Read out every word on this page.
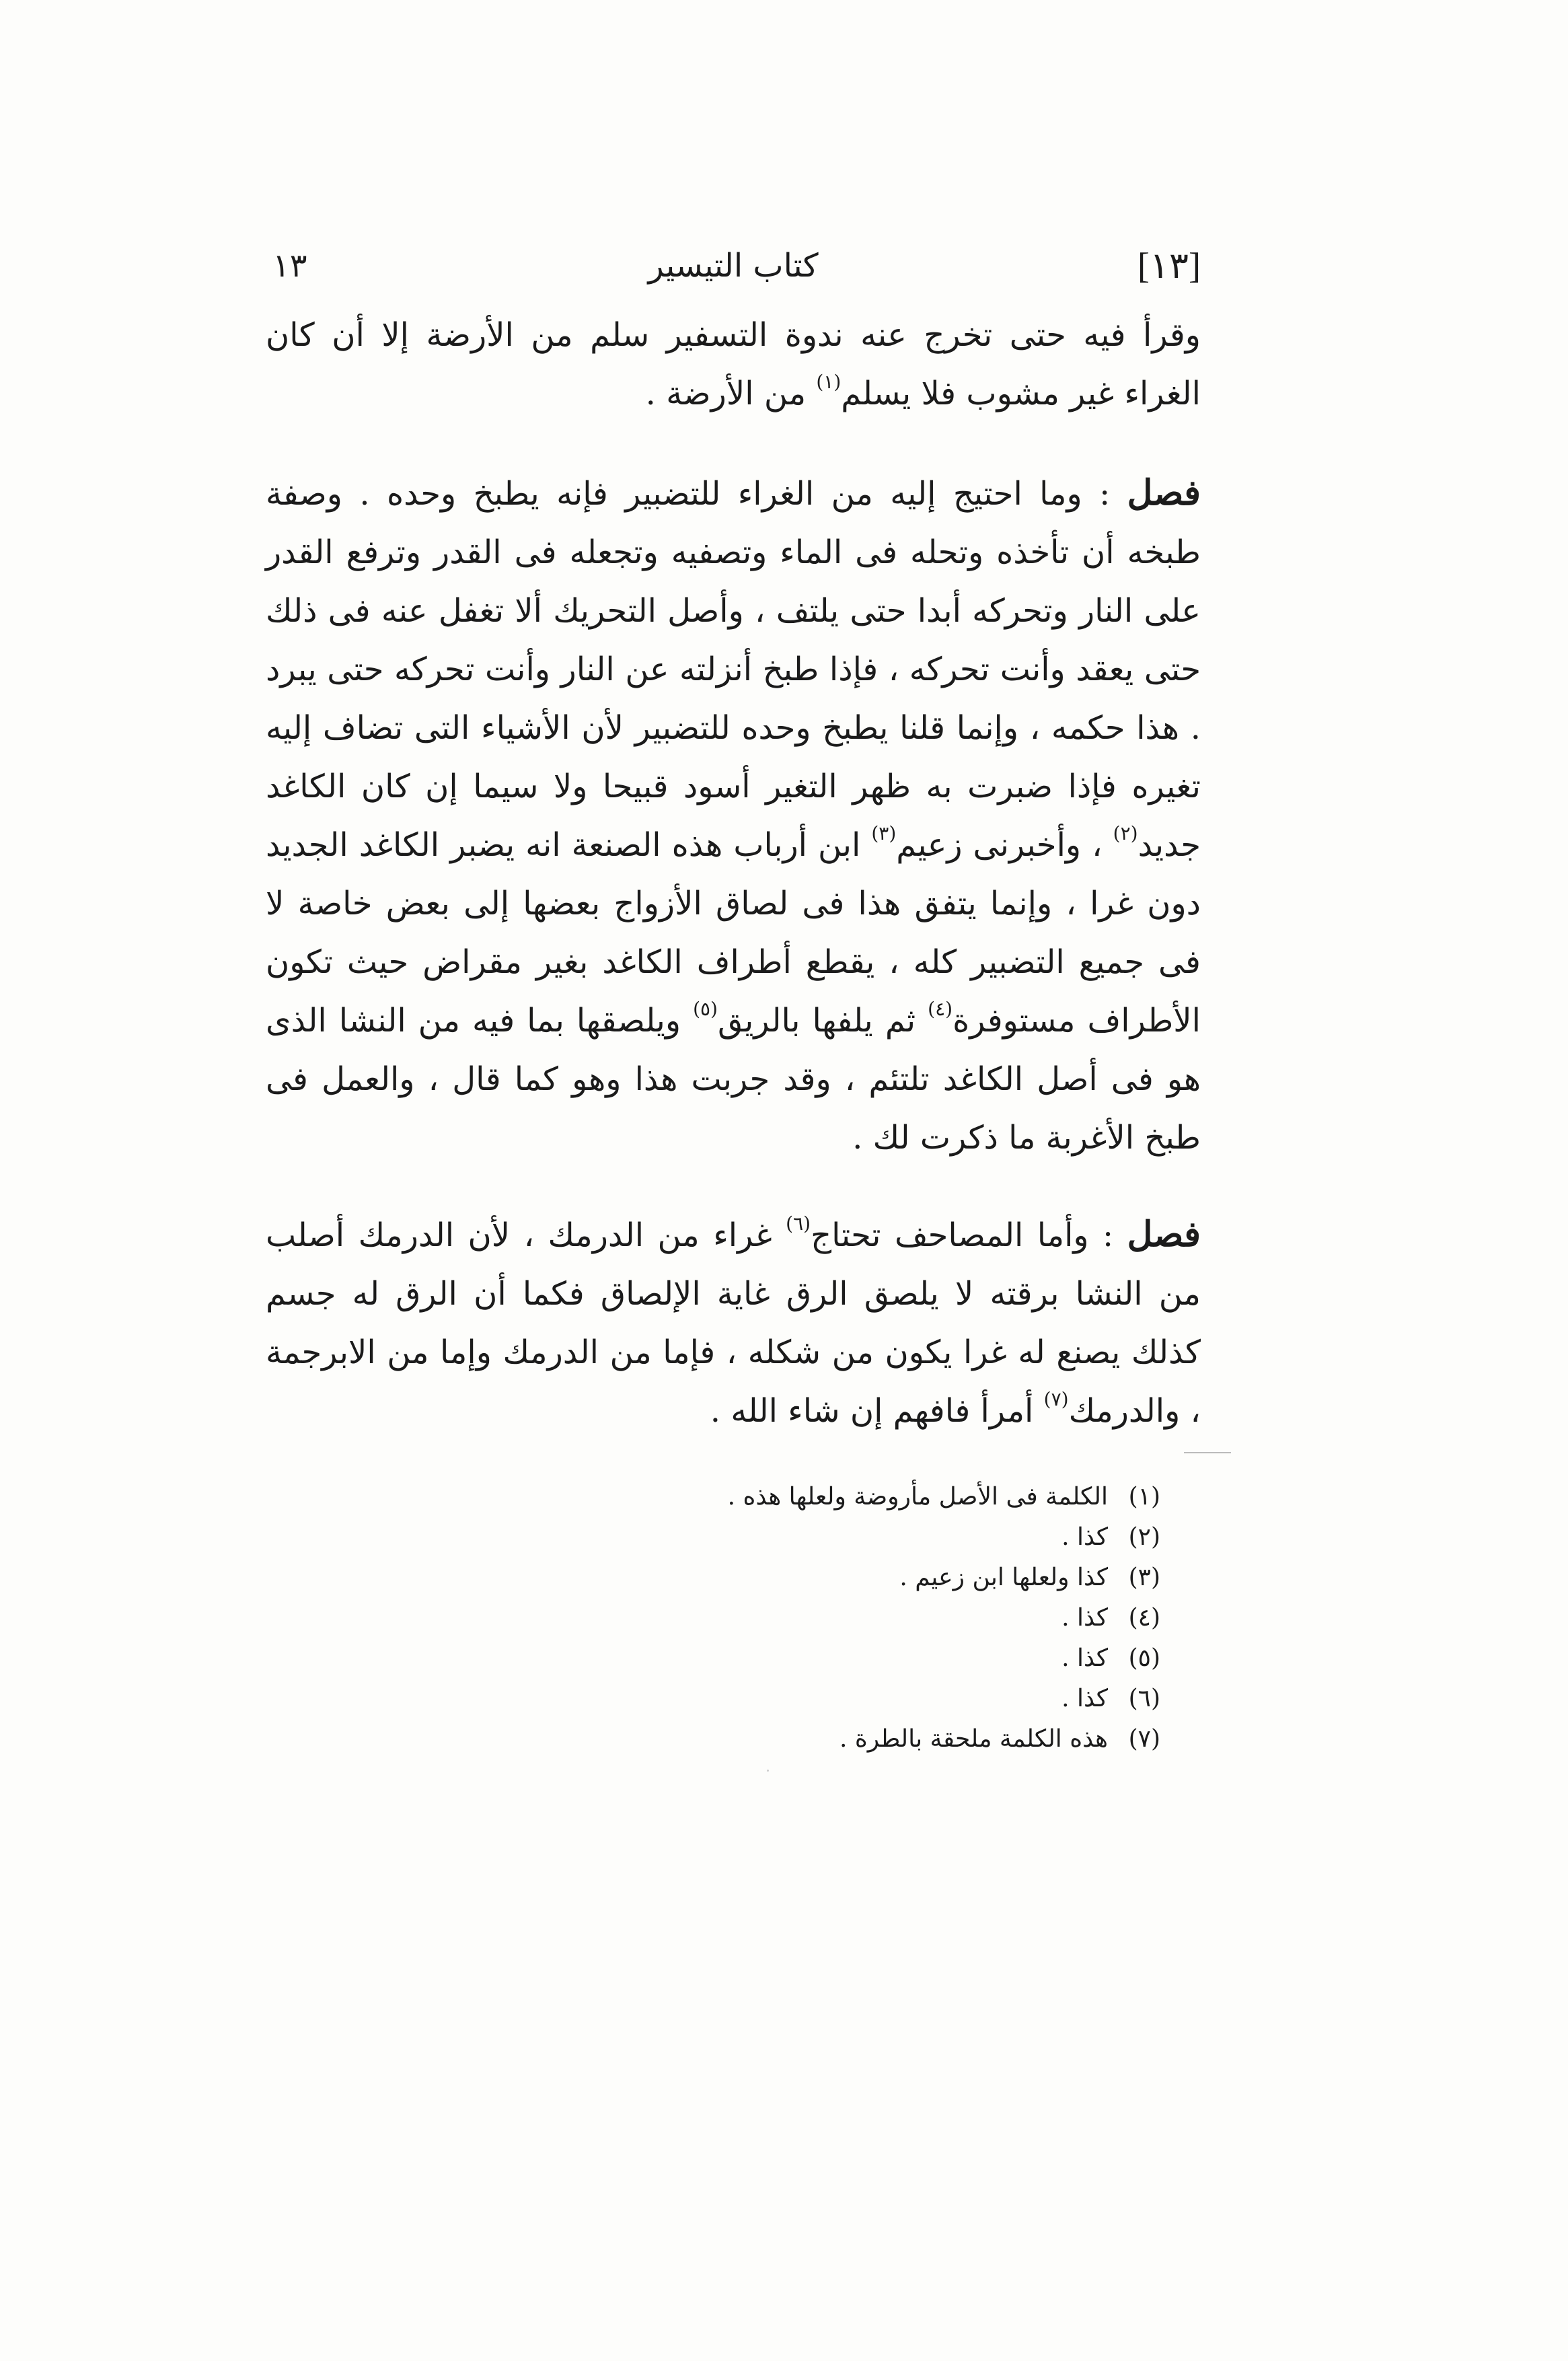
[١٣]
كتاب التيسير
١٣

وقرأ فيه حتى تخرج عنه ندوة التسفير سلم من الأرضة إلا أن كان الغراء غير مشوب فلا يسلم$^{(١)}$ من الأرضة .

فصل : وما احتيج إليه من الغراء للتضبير فإنه يطبخ وحده . وصفة طبخه أن تأخذه وتحله فى الماء وتصفيه وتجعله فى القدر وترفع القدر على النار وتحركه أبدا حتى يلتف ، وأصل التحريك ألا تغفل عنه فى ذلك حتى يعقد وأنت تحركه ، فإذا طبخ أنزلته عن النار وأنت تحركه حتى يبرد . هذا حكمه ، وإنما قلنا يطبخ وحده للتضبير لأن الأشياء التى تضاف إليه تغيره فإذا ضبرت به ظهر التغير أسود قبيحا ولا سيما إن كان الكاغد جديد$^{(٢)}$ ، وأخبرنى زعيم$^{(٣)}$ ابن أرباب هذه الصنعة انه يضبر الكاغد الجديد دون غرا ، وإنما يتفق هذا فى لصاق الأزواج بعضها إلى بعض خاصة لا فى جميع التضبير كله ، يقطع أطراف الكاغد بغير مقراض حيث تكون الأطراف مستوفرة$^{(٤)}$ ثم يلفها بالريق$^{(٥)}$ ويلصقها بما فيه من النشا الذى هو فى أصل الكاغد تلتئم ، وقد جربت هذا وهو كما قال ، والعمل فى طبخ الأغربة ما ذكرت لك .

فصل : وأما المصاحف تحتاج$^{(٦)}$ غراء من الدرمك ، لأن الدرمك أصلب من النشا برقته لا يلصق الرق غاية الإلصاق فكما أن الرق له جسم كذلك يصنع له غرا يكون من شكله ، فإما من الدرمك وإما من الابرجمة ، والدرمك$^{(٧)}$ أمرأ فافهم إن شاء الله .

(١)الكلمة فى الأصل مأروضة ولعلها هذه .
(٢)كذا .
(٣)كذا ولعلها ابن زعيم .
(٤)كذا .
(٥)كذا .
(٦)كذا .
(٧)هذه الكلمة ملحقة بالطرة .
